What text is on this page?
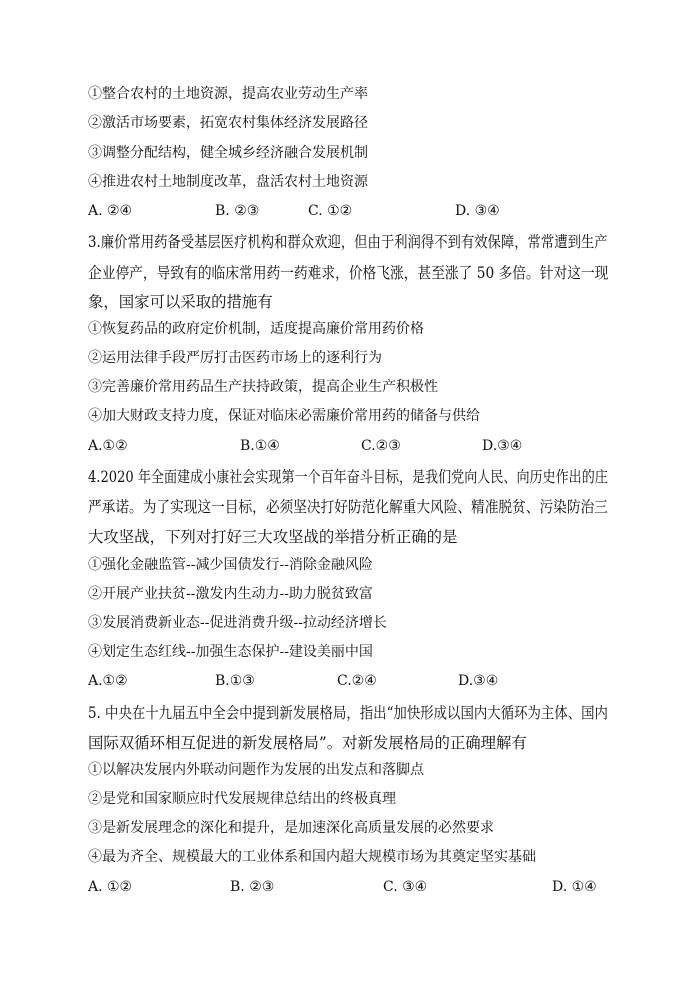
①整合农村的土地资源，提高农业劳动生产率
②激活市场要素，拓宽农村集体经济发展路径
③调整分配结构，健全城乡经济融合发展机制
④推进农村土地制度改革，盘活农村土地资源
A. ②④	B. ②③	C. ①②	D. ③④
3.廉价常用药备受基层医疗机构和群众欢迎，但由于利润得不到有效保障，常常遭到生产
企业停产，导致有的临床常用药一药难求，价格飞涨，甚至涨了 50 多倍。针对这一现
象，国家可以采取的措施有
①恢复药品的政府定价机制，适度提高廉价常用药价格
②运用法律手段严厉打击医药市场上的逐利行为
③完善廉价常用药品生产扶持政策，提高企业生产积极性
④加大财政支持力度，保证对临床必需廉价常用药的储备与供给
A.①②	B.①④	C.②③	D.③④
4.2020 年全面建成小康社会实现第一个百年奋斗目标，是我们党向人民、向历史作出的庄
严承诺。为了实现这一目标，必须坚决打好防范化解重大风险、精准脱贫、污染防治三
大攻坚战，下列对打好三大攻坚战的举措分析正确的是
①强化金融监管--减少国债发行--消除金融风险
②开展产业扶贫--激发内生动力--助力脱贫致富
③发展消费新业态--促进消费升级--拉动经济增长
④划定生态红线--加强生态保护--建设美丽中国
A.①②	B.①③	C.②④	D.③④
5. 中央在十九届五中全会中提到新发展格局，指出“加快形成以国内大循环为主体、国内
国际双循环相互促进的新发展格局”。对新发展格局的正确理解有
①以解决发展内外联动问题作为发展的出发点和落脚点
②是党和国家顺应时代发展规律总结出的终极真理
③是新发展理念的深化和提升，是加速深化高质量发展的必然要求
④最为齐全、规模最大的工业体系和国内超大规模市场为其奠定坚实基础
A. ①②	B. ②③	C. ③④	D. ①④
